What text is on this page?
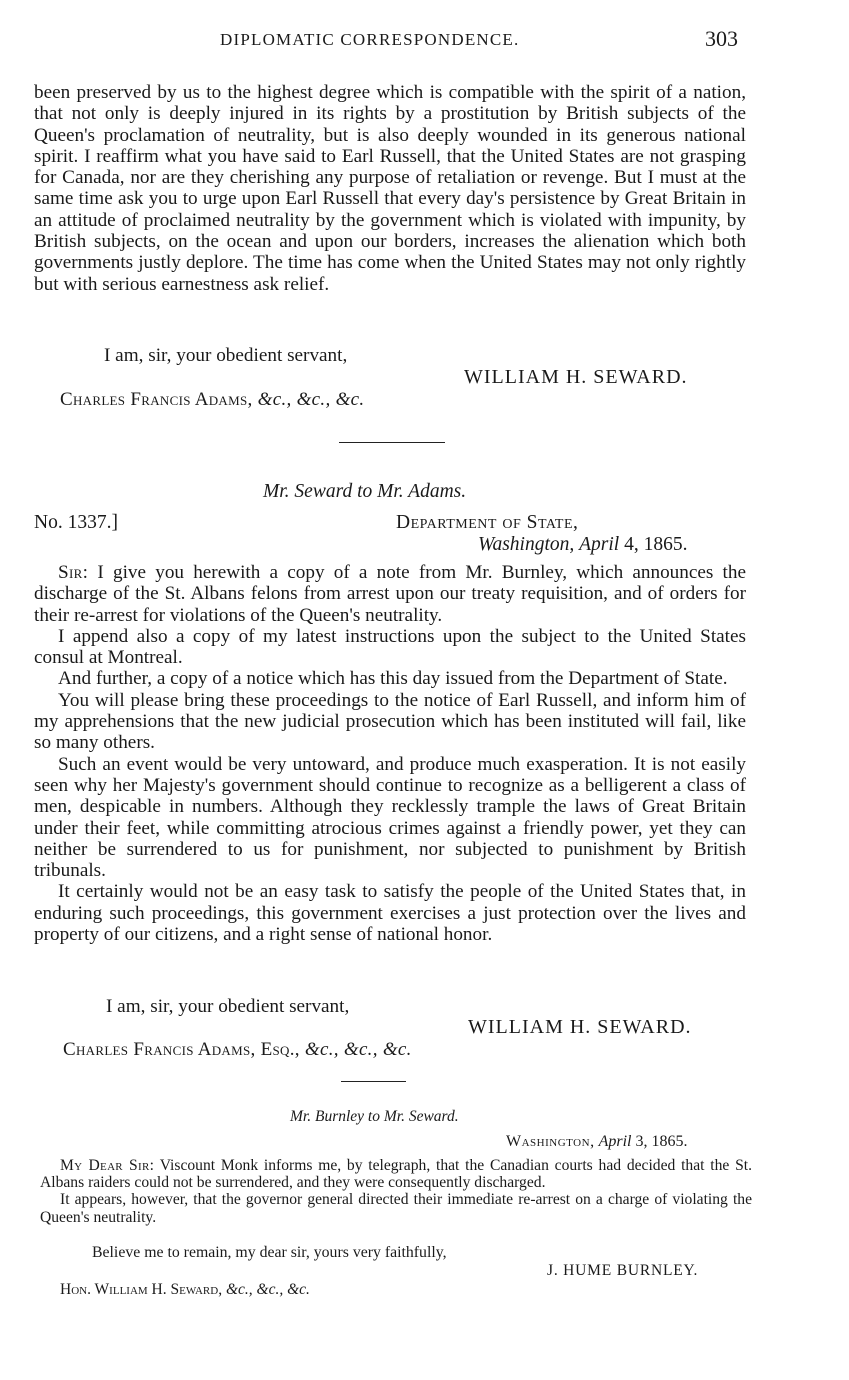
DIPLOMATIC CORRESPONDENCE.	303

been preserved by us to the highest degree which is compatible with the spirit of a nation, that not only is deeply injured in its rights by a prostitution by British subjects of the Queen's proclamation of neutrality, but is also deeply wounded in its generous national spirit. I reaffirm what you have said to Earl Russell, that the United States are not grasping for Canada, nor are they cherishing any purpose of retaliation or revenge. But I must at the same time ask you to urge upon Earl Russell that every day's persistence by Great Britain in an attitude of proclaimed neutrality by the government which is violated with impunity, by British subjects, on the ocean and upon our borders, increases the alienation which both governments justly deplore. The time has come when the United States may not only rightly but with serious earnestness ask relief.

I am, sir, your obedient servant,
WILLIAM H. SEWARD.
Charles Francis Adams, &c., &c., &c.
Mr. Seward to Mr. Adams.
No. 1337.]	Department of State,
Washington, April 4, 1865.

Sir: I give you herewith a copy of a note from Mr. Burnley, which announces the discharge of the St. Albans felons from arrest upon our treaty requisition, and of orders for their re-arrest for violations of the Queen's neutrality.

I append also a copy of my latest instructions upon the subject to the United States consul at Montreal.

And further, a copy of a notice which has this day issued from the Department of State.

You will please bring these proceedings to the notice of Earl Russell, and inform him of my apprehensions that the new judicial prosecution which has been instituted will fail, like so many others.

Such an event would be very untoward, and produce much exasperation. It is not easily seen why her Majesty's government should continue to recognize as a belligerent a class of men, despicable in numbers. Although they recklessly trample the laws of Great Britain under their feet, while committing atrocious crimes against a friendly power, yet they can neither be surrendered to us for punishment, nor subjected to punishment by British tribunals.

It certainly would not be an easy task to satisfy the people of the United States that, in enduring such proceedings, this government exercises a just protection over the lives and property of our citizens, and a right sense of national honor.

I am, sir, your obedient servant,
WILLIAM H. SEWARD.
Charles Francis Adams, Esq., &c., &c., &c.
Mr. Burnley to Mr. Seward.
Washington, April 3, 1865.

My Dear Sir: Viscount Monk informs me, by telegraph, that the Canadian courts had decided that the St. Albans raiders could not be surrendered, and they were consequently discharged.

It appears, however, that the governor general directed their immediate re-arrest on a charge of violating the Queen's neutrality.

Believe me to remain, my dear sir, yours very faithfully,
J. HUME BURNLEY.
Hon. William H. Seward, &c., &c., &c.
